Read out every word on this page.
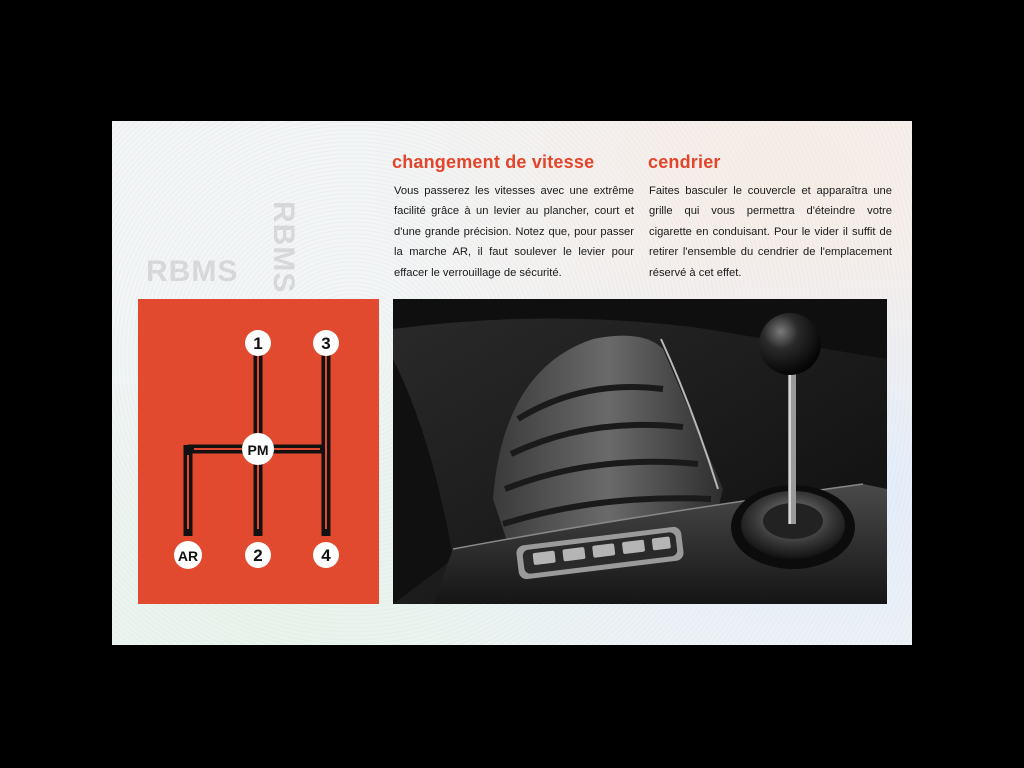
RBMS RBMS
changement de vitesse

Vous passerez les vitesses avec une extrême facilité grâce à un levier au plancher, court et d'une grande précision. Notez que, pour passer la marche AR, il faut soulever le levier pour effacer le verrouillage de sécurité.

cendrier

Faites basculer le couvercle et apparaîtra une grille qui vous permettra d'éteindre votre cigarette en conduisant. Pour le vider il suffit de retirer l'ensemble du cendrier de l'emplacement réservé à cet effet.

1	3
PM
AR	2	4
